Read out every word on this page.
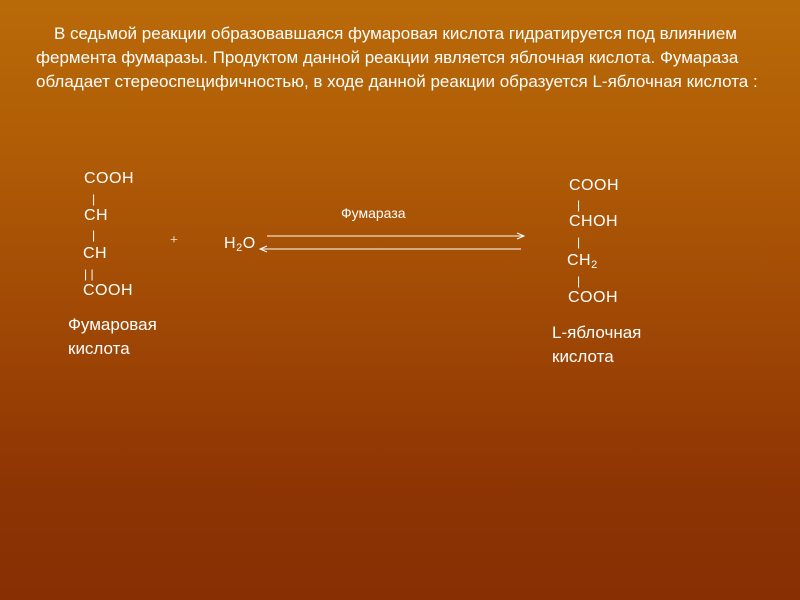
В седьмой реакции образовавшаяся фумаровая кислота гидратируется под влиянием фермента фумаразы. Продуктом данной реакции является яблочная кислота. Фумараза обладает стереоспецифичностью, в ходе данной реакции образуется L-яблочная кислота :
COOH
|
CH
|
CH
| |
COOH
Фумаровая
кислота
+	$H_2O$
Фумараза
COOH
|
CHOH
|
$CH_2$
|
COOH
L-яблочная
кислота
